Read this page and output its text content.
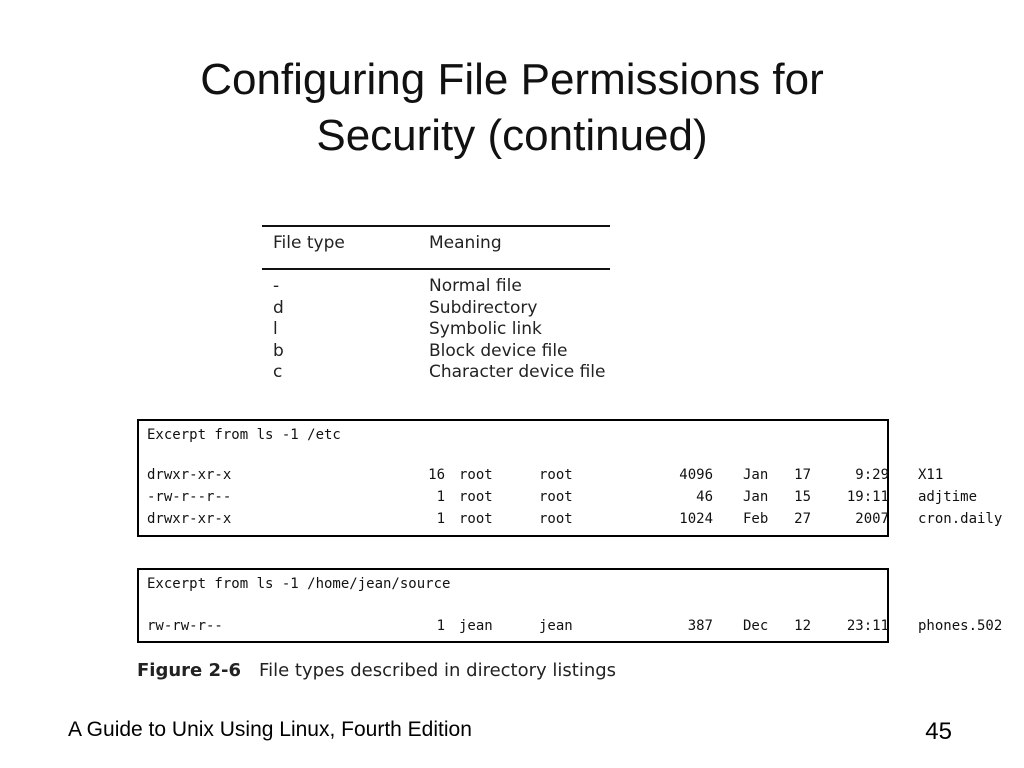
Configuring File Permissions for
Security (continued)
File type	Meaning
-	Normal file
d	Subdirectory
l	Symbolic link
b	Block device file
c	Character device file
Excerpt from ls -1 /etc
drwxr-xr-x	16 root	root	4096 Jan	17	9:29 X11
-rw-r--r--	1 root	root	46 Jan	15	19:11 adjtime
drwxr-xr-x	1 root	root	1024 Feb	27	2007 cron.daily
Excerpt from ls -1 /home/jean/source
rw-rw-r--	1 jean	jean	387 Dec	12	23:11 phones.502
Figure 2-6 File types described in directory listings
A Guide to Unix Using Linux, Fourth Edition	45
